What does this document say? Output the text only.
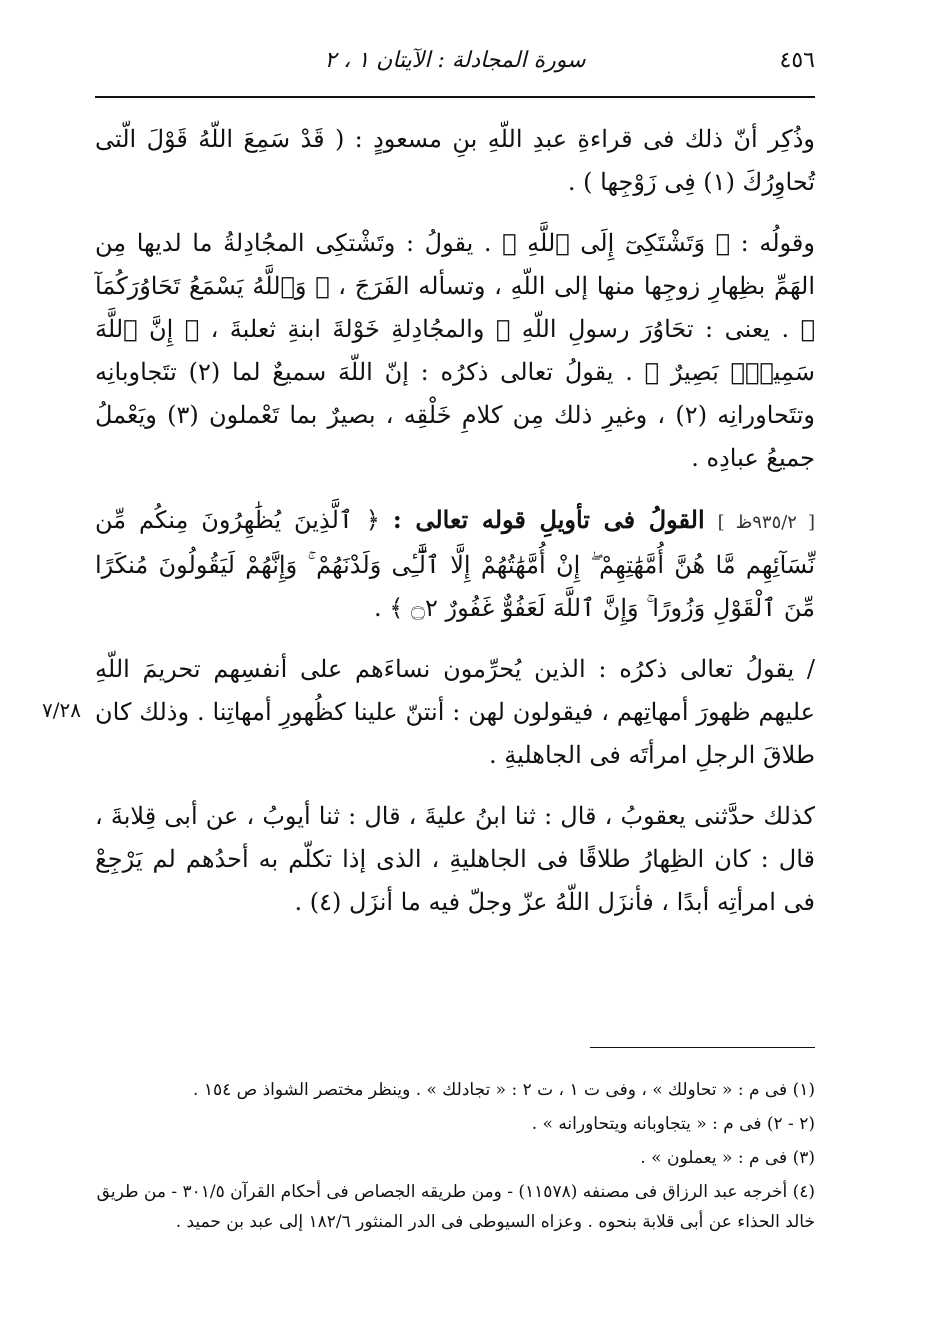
٤٥٦
سورة المجادلة : الآيتان ١ ، ٢

وذُكِر أنّ ذلك فى قراءةِ عبدِ اللّهِ بنِ مسعودٍ : ( قَدْ سَمِعَ اللّهُ قَوْلَ الّتى تُحاوِرُكَ (١) فِى زَوْجِها ) .

وقولُه : ﴿ وَتَشْتَكِىٓ إِلَى ٱللَّهِ ﴾ . يقولُ : وتَشْتكِى المجُادِلةُ ما لديها مِن الهَمِّ بظِهارِ زوجِها منها إلى اللّهِ ، وتسأله الفَرَجَ ، ﴿ وَٱللَّهُ يَسْمَعُ تَحَاوُرَكُمَآ ﴾ . يعنى : تحَاوُرَ رسولِ اللّهِ ﷺ والمجُادِلةِ خَوْلةَ ابنةِ ثعلبةَ ، ﴿ إِنَّ ٱللَّهَ سَمِيعٌۢ بَصِيرٌ ﴾ . يقولُ تعالى ذكرُه : إنّ اللّهَ سميعٌ لما (٢) تتَجاوبانِه وتتَحاورانِه (٢) ، وغيرِ ذلك مِن كلامِ خَلْقِه ، بصيرٌ بما تَعْملون (٣) ويَعْملُ جميعُ عبادِه .

[ ٩٣٥/٢ظ ] القولُ فى تأويلِ قوله تعالى : ﴿ ٱلَّذِينَ يُظَٰهِرُونَ مِنكُم مِّن نِّسَآئِهِم مَّا هُنَّ أُمَّهَٰتِهِمْ ۖ إِنْ أُمَّهَٰتُهُمْ إِلَّا ٱلَّٰٓـِٔى وَلَدْنَهُمْ ۚ وَإِنَّهُمْ لَيَقُولُونَ مُنكَرًا مِّنَ ٱلْقَوْلِ وَزُورًا ۚ وَإِنَّ ٱللَّهَ لَعَفُوٌّ غَفُورٌ ۝٢ ﴾ .

/ يقولُ تعالى ذكرُه : الذين يُحرِّمون نساءَهم على أنفسِهم تحريمَ اللّهِ عليهم ظهورَ أمهاتِهم ، فيقولون لهن : أنتنّ علينا كظُهورِ أمهاتِنا . وذلك كان طلاقَ الرجلِ امرأتَه فى الجاهليةِ .

كذلك حدَّثنى يعقوبُ ، قال : ثنا ابنُ عليةَ ، قال : ثنا أيوبُ ، عن أبى قِلابةَ ، قال : كان الظِهارُ طلاقًا فى الجاهليةِ ، الذى إذا تكلّم به أحدُهم لم يَرْجِعْ فى امرأتِه أبدًا ، فأنزَل اللّهُ عزّ وجلّ فيه ما أنزَل (٤) .

٧/٢٨

(١) فى م : « تحاولك » ، وفى ت ١ ، ت ٢ : « تجادلك » . وينظر مختصر الشواذ ص ١٥٤ .

(٢ - ٢) فى م : « يتجاوبانه ويتحاورانه » .

(٣) فى م : « يعملون » .

(٤) أخرجه عبد الرزاق فى مصنفه (١١٥٧٨) - ومن طريقه الجصاص فى أحكام القرآن ٣٠١/٥ - من طريق خالد الحذاء عن أبى قلابة بنحوه . وعزاه السيوطى فى الدر المنثور ١٨٢/٦ إلى عبد بن حميد .
